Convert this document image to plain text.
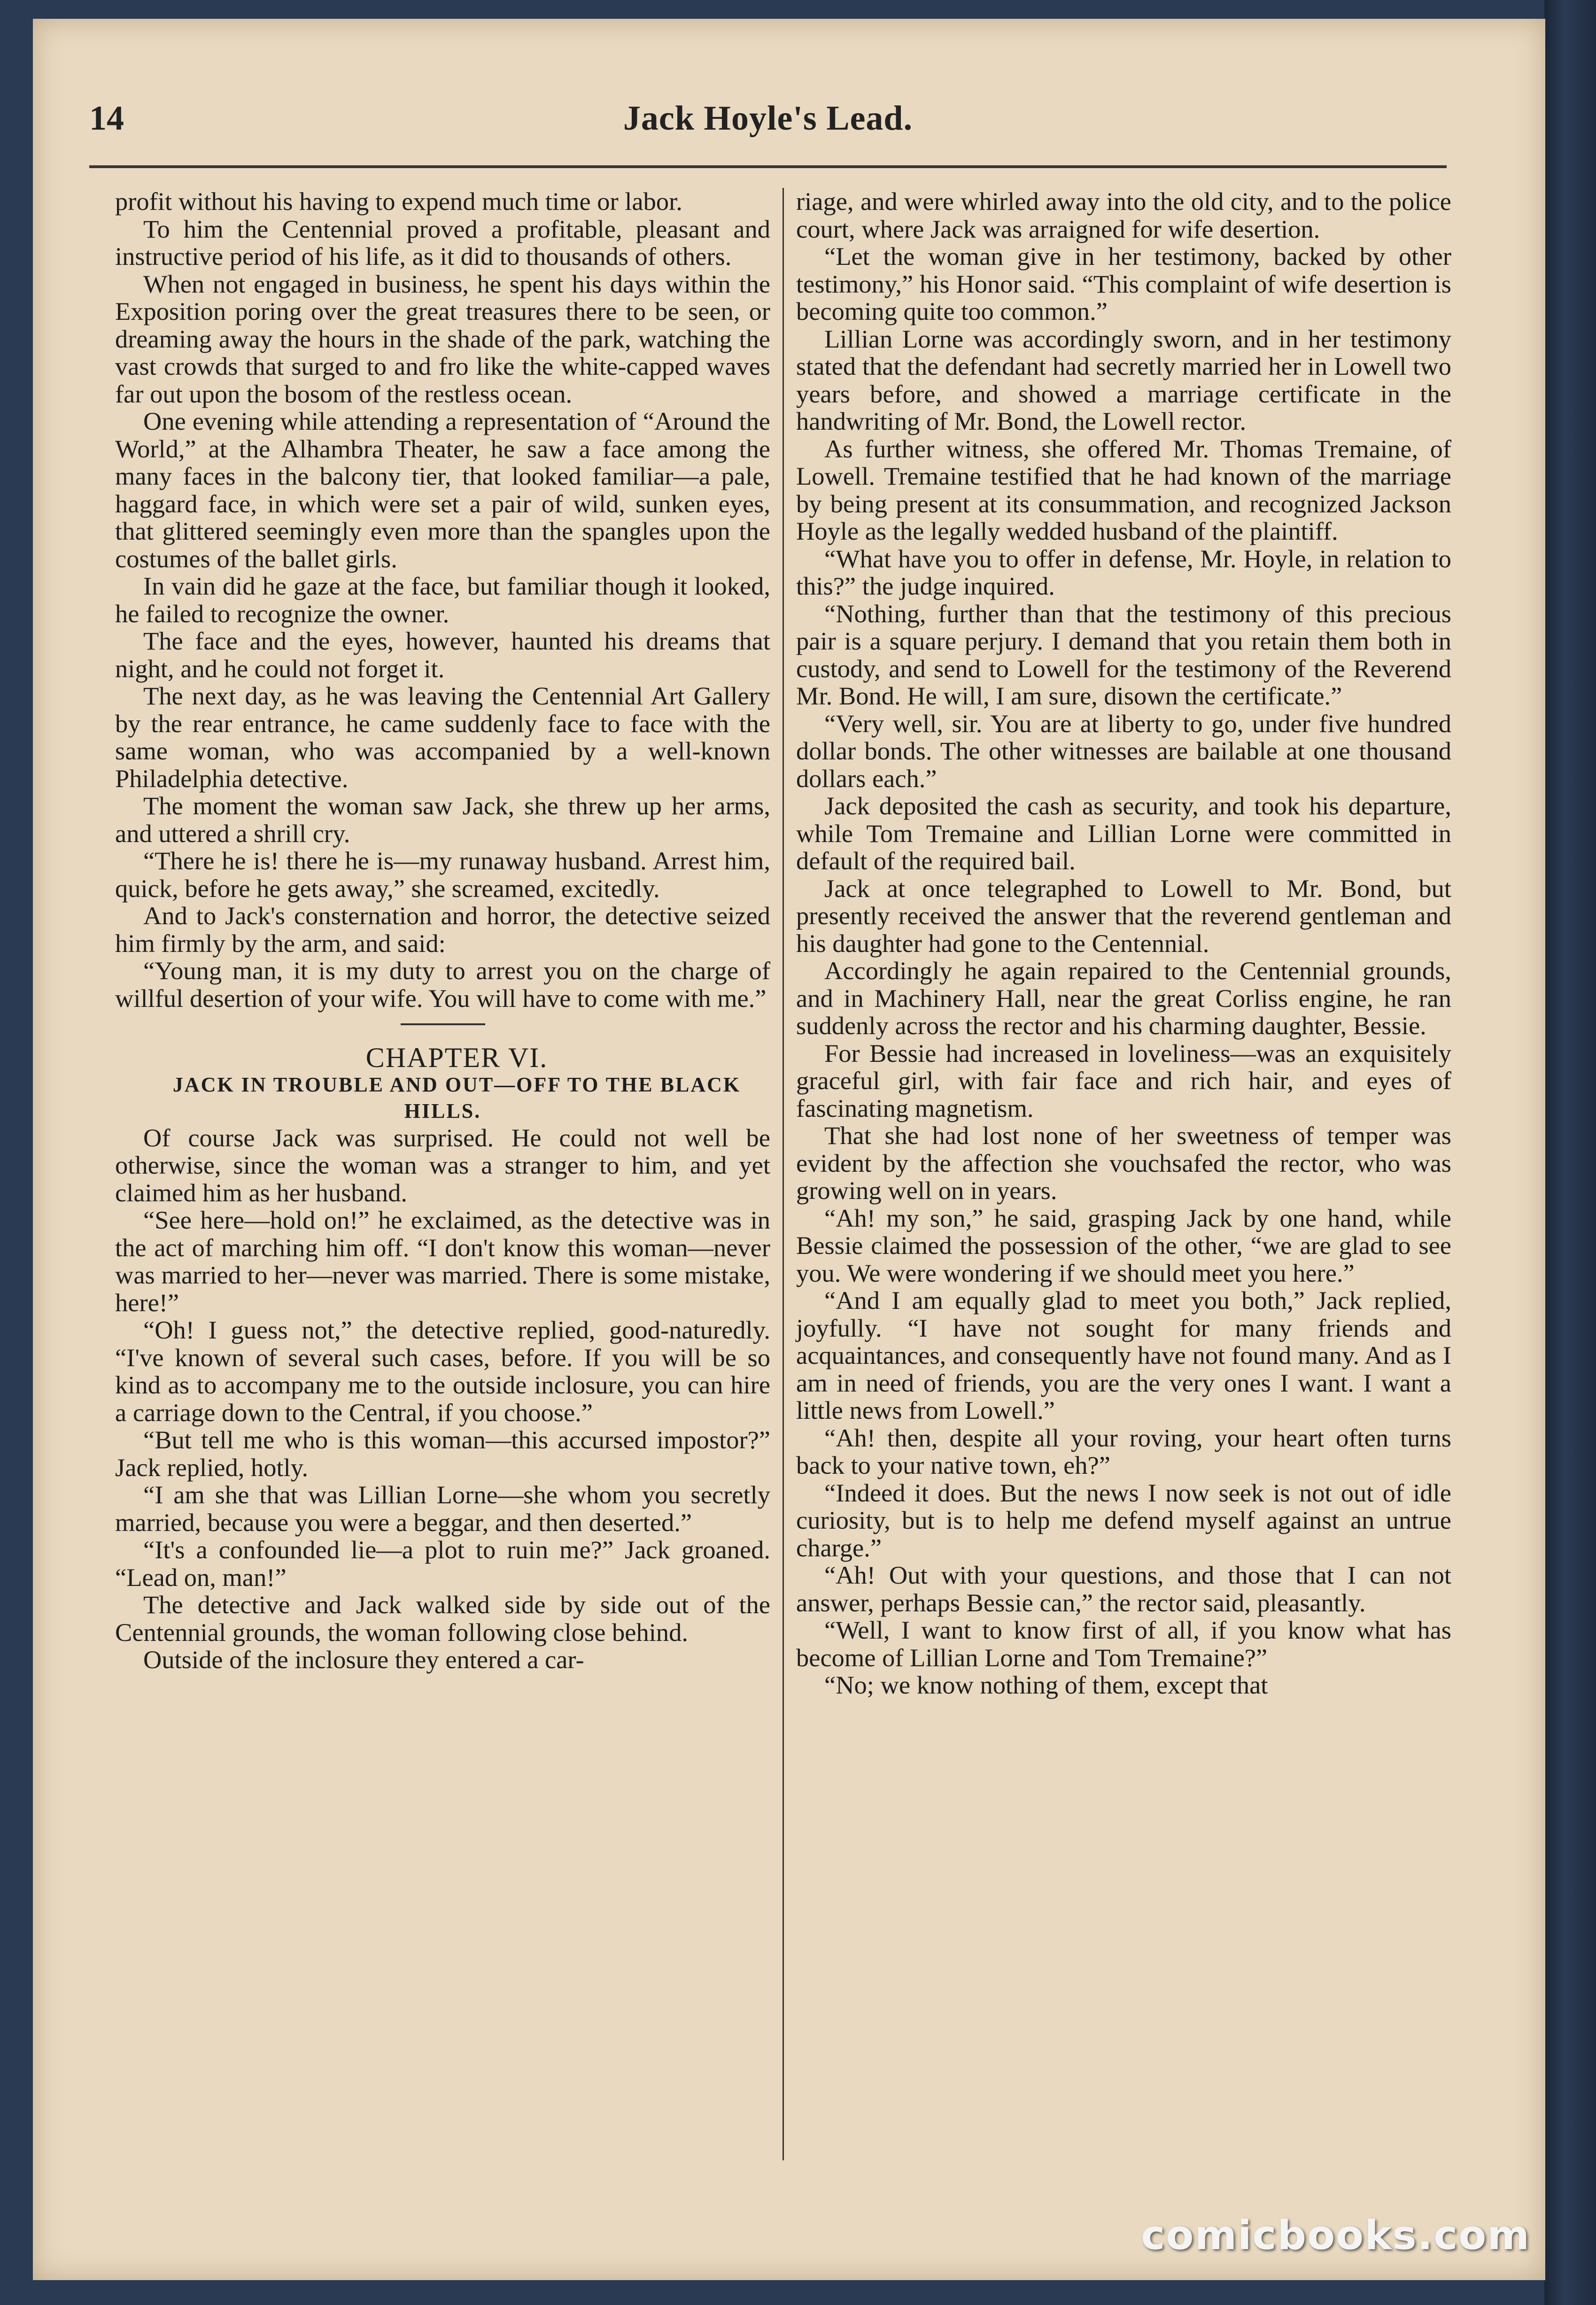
14	Jack Hoyle's Lead.

profit without his having to expend much time or labor.

To him the Centennial proved a profitable, pleasant and instructive period of his life, as it did to thousands of others.

When not engaged in business, he spent his days within the Exposition poring over the great treasures there to be seen, or dreaming away the hours in the shade of the park, watching the vast crowds that surged to and fro like the white-capped waves far out upon the bosom of the restless ocean.

One evening while attending a representation of “Around the World,” at the Alhambra Theater, he saw a face among the many faces in the balcony tier, that looked familiar—a pale, haggard face, in which were set a pair of wild, sunken eyes, that glittered seemingly even more than the spangles upon the costumes of the ballet girls.

In vain did he gaze at the face, but familiar though it looked, he failed to recognize the owner.

The face and the eyes, however, haunted his dreams that night, and he could not forget it.

The next day, as he was leaving the Centennial Art Gallery by the rear entrance, he came suddenly face to face with the same woman, who was accompanied by a well-known Philadelphia detective.

The moment the woman saw Jack, she threw up her arms, and uttered a shrill cry.

“There he is! there he is—my runaway husband. Arrest him, quick, before he gets away,” she screamed, excitedly.

And to Jack's consternation and horror, the detective seized him firmly by the arm, and said:

“Young man, it is my duty to arrest you on the charge of willful desertion of your wife. You will have to come with me.”

CHAPTER VI.

JACK IN TROUBLE AND OUT—OFF TO THE BLACK HILLS.

Of course Jack was surprised. He could not well be otherwise, since the woman was a stranger to him, and yet claimed him as her husband.

“See here—hold on!” he exclaimed, as the detective was in the act of marching him off. “I don't know this woman—never was married to her—never was married. There is some mistake, here!”

“Oh! I guess not,” the detective replied, good-naturedly. “I've known of several such cases, before. If you will be so kind as to accompany me to the outside inclosure, you can hire a carriage down to the Central, if you choose.”

“But tell me who is this woman—this accursed impostor?” Jack replied, hotly.

“I am she that was Lillian Lorne—she whom you secretly married, because you were a beggar, and then deserted.”

“It's a confounded lie—a plot to ruin me?” Jack groaned. “Lead on, man!”

The detective and Jack walked side by side out of the Centennial grounds, the woman following close behind.

Outside of the inclosure they entered a car-

riage, and were whirled away into the old city, and to the police court, where Jack was arraigned for wife desertion.

“Let the woman give in her testimony, backed by other testimony,” his Honor said. “This complaint of wife desertion is becoming quite too common.”

Lillian Lorne was accordingly sworn, and in her testimony stated that the defendant had secretly married her in Lowell two years before, and showed a marriage certificate in the handwriting of Mr. Bond, the Lowell rector.

As further witness, she offered Mr. Thomas Tremaine, of Lowell. Tremaine testified that he had known of the marriage by being present at its consummation, and recognized Jackson Hoyle as the legally wedded husband of the plaintiff.

“What have you to offer in defense, Mr. Hoyle, in relation to this?” the judge inquired.

“Nothing, further than that the testimony of this precious pair is a square perjury. I demand that you retain them both in custody, and send to Lowell for the testimony of the Reverend Mr. Bond. He will, I am sure, disown the certificate.”

“Very well, sir. You are at liberty to go, under five hundred dollar bonds. The other witnesses are bailable at one thousand dollars each.”

Jack deposited the cash as security, and took his departure, while Tom Tremaine and Lillian Lorne were committed in default of the required bail.

Jack at once telegraphed to Lowell to Mr. Bond, but presently received the answer that the reverend gentleman and his daughter had gone to the Centennial.

Accordingly he again repaired to the Centennial grounds, and in Machinery Hall, near the great Corliss engine, he ran suddenly across the rector and his charming daughter, Bessie.

For Bessie had increased in loveliness—was an exquisitely graceful girl, with fair face and rich hair, and eyes of fascinating magnetism.

That she had lost none of her sweetness of temper was evident by the affection she vouchsafed the rector, who was growing well on in years.

“Ah! my son,” he said, grasping Jack by one hand, while Bessie claimed the possession of the other, “we are glad to see you. We were wondering if we should meet you here.”

“And I am equally glad to meet you both,” Jack replied, joyfully. “I have not sought for many friends and acquaintances, and consequently have not found many. And as I am in need of friends, you are the very ones I want. I want a little news from Lowell.”

“Ah! then, despite all your roving, your heart often turns back to your native town, eh?”

“Indeed it does. But the news I now seek is not out of idle curiosity, but is to help me defend myself against an untrue charge.”

“Ah! Out with your questions, and those that I can not answer, perhaps Bessie can,” the rector said, pleasantly.

“Well, I want to know first of all, if you know what has become of Lillian Lorne and Tom Tremaine?”

“No; we know nothing of them, except that

comicbooks.com
